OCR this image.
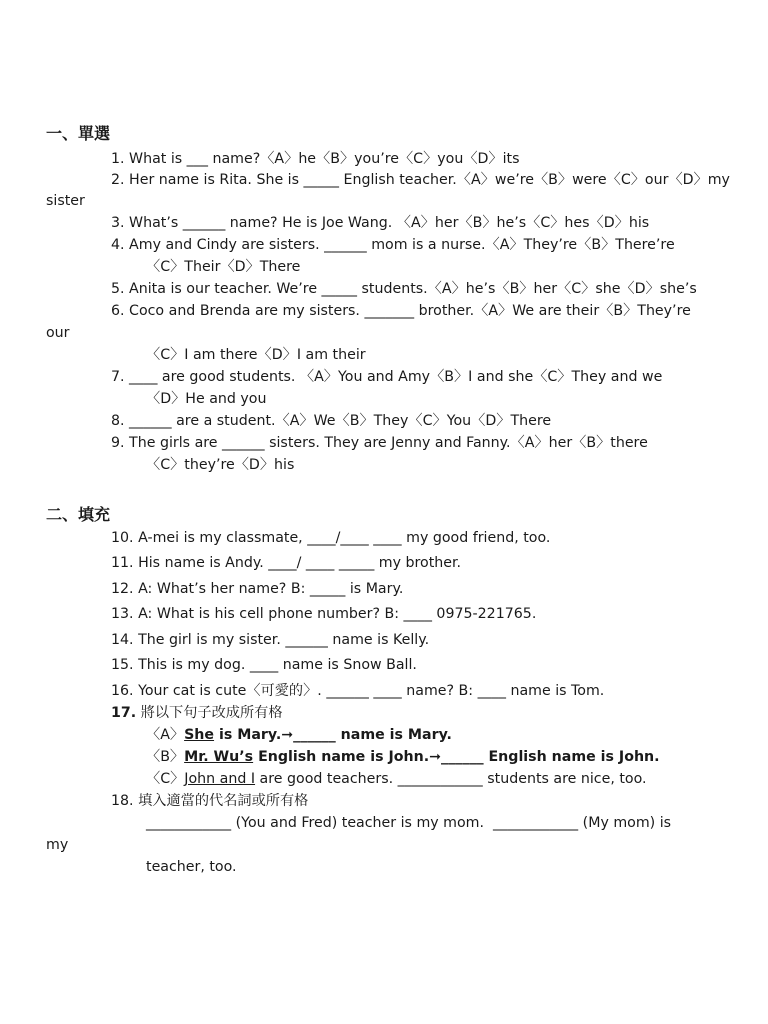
一、單選
1. What is ___ name?〈A〉he〈B〉you’re〈C〉you〈D〉its
2. Her name is Rita. She is _____ English teacher.〈A〉we’re〈B〉were〈C〉our〈D〉my
sister
3. What’s ______ name? He is Joe Wang. 〈A〉her〈B〉he’s〈C〉hes〈D〉his
4. Amy and Cindy are sisters. ______ mom is a nurse.〈A〉They’re〈B〉There’re
〈C〉Their〈D〉There
5. Anita is our teacher. We’re _____ students.〈A〉he’s〈B〉her〈C〉she〈D〉she’s
6. Coco and Brenda are my sisters. _______ brother.〈A〉We are their〈B〉They’re
our
〈C〉I am there〈D〉I am their
7. ____ are good students. 〈A〉You and Amy〈B〉I and she〈C〉They and we
〈D〉He and you
8. ______ are a student.〈A〉We〈B〉They〈C〉You〈D〉There
9. The girls are ______ sisters. They are Jenny and Fanny.〈A〉her〈B〉there
〈C〉they’re〈D〉his
二、填充
10. A-mei is my classmate, ____/____ ____ my good friend, too.
11. His name is Andy. ____/ ____ _____ my brother.
12. A: What’s her name? B: _____ is Mary.
13. A: What is his cell phone number? B: ____ 0975-221765.
14. The girl is my sister. ______ name is Kelly.
15. This is my dog. ____ name is Snow Ball.
16. Your cat is cute〈可愛的〉. ______ ____ name? B: ____ name is Tom.
17. 將以下句子改成所有格
〈A〉She is Mary.➞______ name is Mary.
〈B〉Mr. Wu’s English name is John.➞______ English name is John.
〈C〉John and I are good teachers. ____________ students are nice, too.
18. 填入適當的代名詞或所有格
____________ (You and Fred) teacher is my mom.  ____________ (My mom) is
my
teacher, too.
